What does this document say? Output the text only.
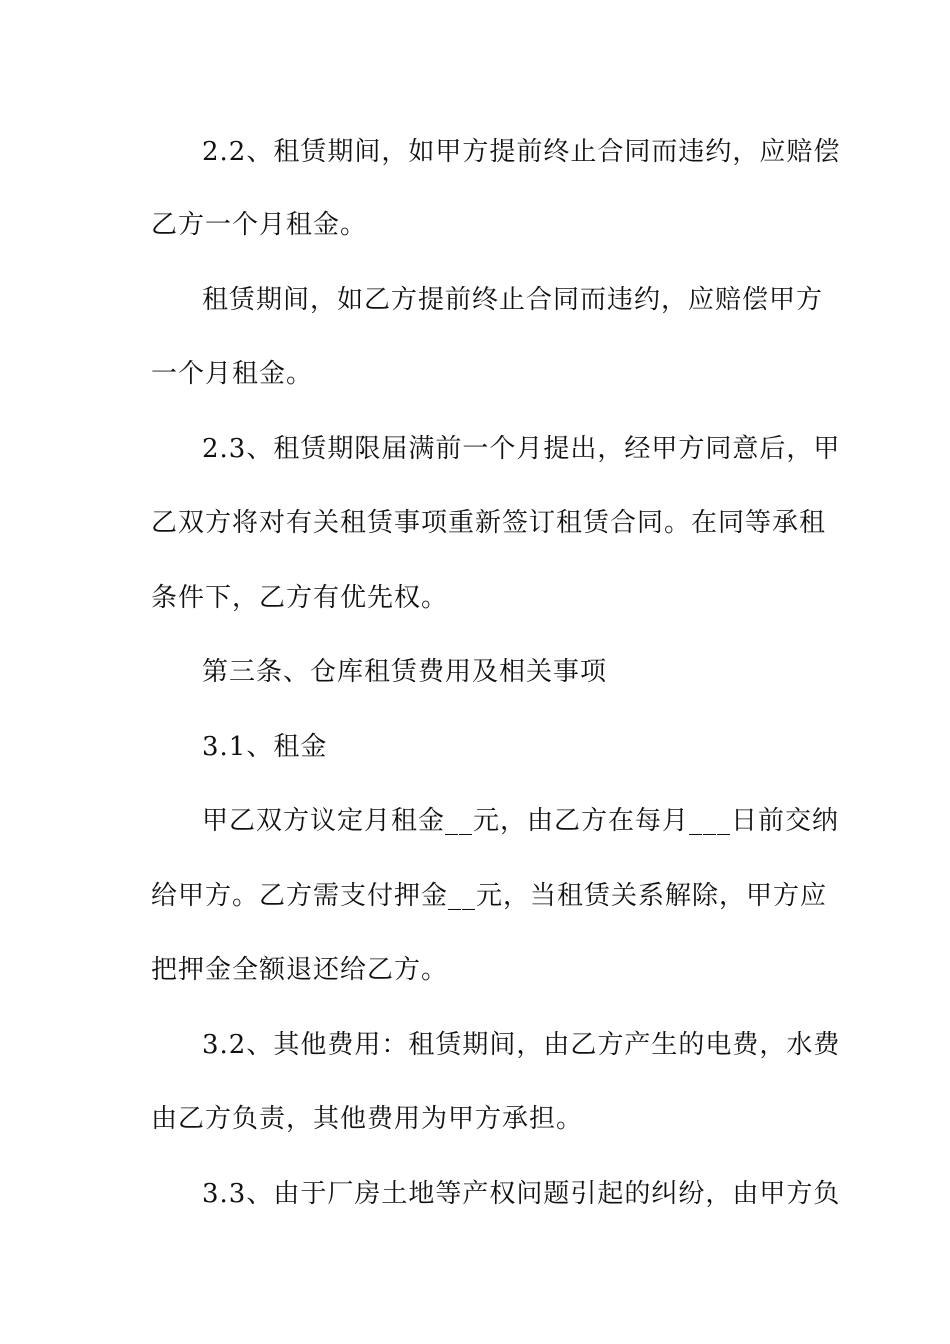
2.2、租赁期间，如甲方提前终止合同而违约，应赔偿
乙方一个月租金。
租赁期间，如乙方提前终止合同而违约，应赔偿甲方
一个月租金。
2.3、租赁期限届满前一个月提出，经甲方同意后，甲
乙双方将对有关租赁事项重新签订租赁合同。在同等承租
条件下，乙方有优先权。
第三条、仓库租赁费用及相关事项
3.1、租金
甲乙双方议定月租金__元，由乙方在每月___日前交纳
给甲方。乙方需支付押金__元，当租赁关系解除，甲方应
把押金全额退还给乙方。
3.2、其他费用：租赁期间，由乙方产生的电费，水费
由乙方负责，其他费用为甲方承担。
3.3、由于厂房土地等产权问题引起的纠纷，由甲方负
